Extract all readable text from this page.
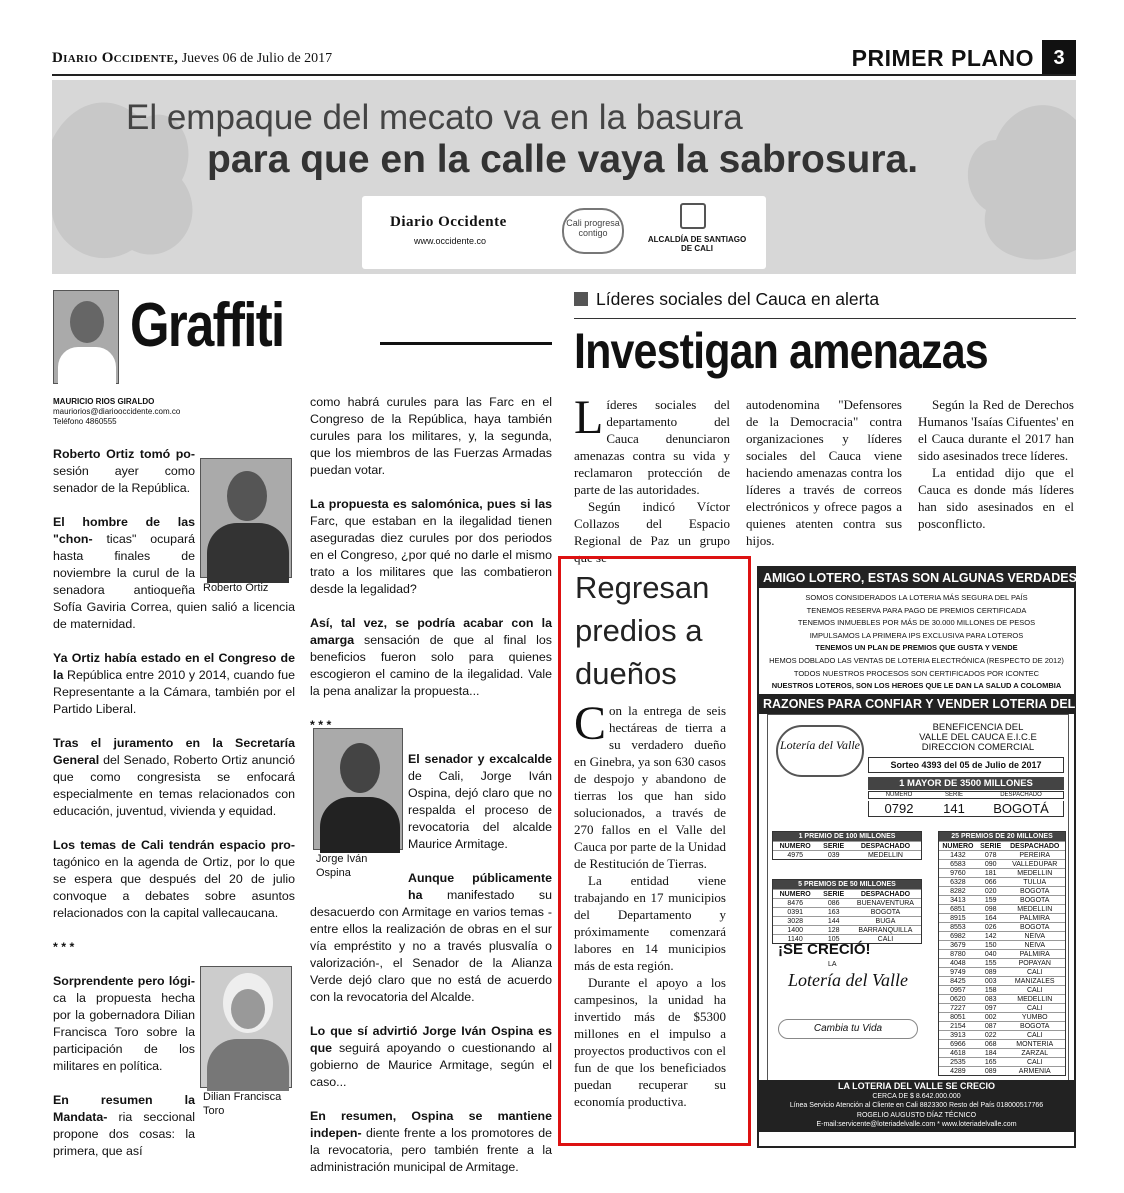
Diario Occidente, Jueves 06 de Julio de 2017	PRIMER PLANO 3
El empaque del mecato va en la basura
para que en la calle vaya la sabrosura.
Diario Occidente
www.occidente.co
Cali progresa contigo
ALCALDÍA DE SANTIAGO DE CALI
Graffiti
MAURICIO RIOS GIRALDO
mauriorios@diariooccidente.com.co
Teléfono 4860555
Roberto Ortiz
Jorge Iván
Ospina
Dilian Francisca
Toro

Roberto Ortiz tomó po- sesión ayer como senador de la República.

El hombre de las "chon- ticas" ocupará hasta finales de noviembre la curul de la senadora antioqueña Sofía Gaviria Correa, quien salió a licencia de maternidad.

Ya Ortiz había estado en el Congreso de la República entre 2010 y 2014, cuando fue Representante a la Cámara, también por el Partido Liberal.

Tras el juramento en la Secretaría General del Senado, Roberto Ortiz anunció que como congresista se enfocará especialmente en temas relacionados con educación, juventud, vivienda y equidad.

Los temas de Cali tendrán espacio pro- tagónico en la agenda de Ortiz, por lo que se espera que después del 20 de julio convoque a debates sobre asuntos relacionados con la capital vallecaucana.

* * *

Sorprendente pero lógi- ca la propuesta hecha por la gobernadora Dilian Francisca Toro sobre la participación de los militares en política.

En resumen la Mandata- ria seccional propone dos cosas: la primera, que así

como habrá curules para las Farc en el Congreso de la República, haya también curules para los militares, y, la segunda, que los miembros de las Fuerzas Armadas puedan votar.

La propuesta es salomónica, pues si las Farc, que estaban en la ilegalidad tienen aseguradas diez curules por dos periodos en el Congreso, ¿por qué no darle el mismo trato a los militares que las combatieron desde la legalidad?

Así, tal vez, se podría acabar con la amarga sensación de que al final los beneficios fueron solo para quienes escogieron el camino de la ilegalidad. Vale la pena analizar la propuesta...

* * *

El senador y excalcalde de Cali, Jorge Iván Ospina, dejó claro que no respalda el proceso de revocatoria del alcalde Maurice Armitage.

Aunque públicamente ha manifestado su desacuerdo con Armitage en varios temas -entre ellos la realización de obras en el sur vía empréstito y no a través plusvalía o valorización-, el Senador de la Alianza Verde dejó claro que no está de acuerdo con la revocatoria del Alcalde.

Lo que sí advirtió Jorge Iván Ospina es que seguirá apoyando o cuestionando al gobierno de Maurice Armitage, según el caso...

En resumen, Ospina se mantiene indepen- diente frente a los promotores de la revocatoria, pero también frente a la administración municipal de Armitage.

Líderes sociales del Cauca en alerta
Investigan amenazas
L íderes sociales del departamento del Cauca denunciaron amenazas contra su vida y reclamaron protección de parte de las autoridades.

Según indicó Víctor Collazos del Espacio Regional de Paz un grupo que se

autodenomina "Defensores de la Democracia" contra organizaciones y líderes sociales del Cauca viene haciendo amenazas contra los líderes a través de correos electrónicos y ofrece pagos a quienes atenten contra sus hijos.

Según la Red de Derechos Humanos 'Isaías Cifuentes' en el Cauca durante el 2017 han sido asesinados trece líderes.

La entidad dijo que el Cauca es donde más líderes han sido asesinados en el posconflicto.

Regresan predios a dueños
C on la entrega de seis hectáreas de tierra a su verdadero dueño en Ginebra, ya son 630 casos de despojo y abandono de tierras los que han sido solucionados, a través de 270 fallos en el Valle del Cauca por parte de la Unidad de Restitución de Tierras.

La entidad viene trabajando en 17 municipios del Departamento y próximamente comenzará labores en 14 municipios más de esta región.

Durante el apoyo a los campesinos, la unidad ha invertido más de $5300 millones en el impulso a proyectos productivos con el fun de que los beneficiados puedan recuperar su economía productiva.

AMIGO LOTERO, ESTAS SON ALGUNAS VERDADES
SOMOS CONSIDERADOS LA LOTERIA MÁS SEGURA DEL PAÍS
TENEMOS RESERVA PARA PAGO DE PREMIOS CERTIFICADA
TENEMOS INMUEBLES POR MÁS DE 30.000 MILLONES DE PESOS
IMPULSAMOS LA PRIMERA IPS EXCLUSIVA PARA LOTEROS
TENEMOS UN PLAN DE PREMIOS QUE GUSTA Y VENDE
HEMOS DOBLADO LAS VENTAS DE LOTERIA ELECTRÓNICA (RESPECTO DE 2012)
TODOS NUESTROS PROCESOS SON CERTIFICADOS POR ICONTEC
NUESTROS LOTEROS, SON LOS HEROES QUE LE DAN LA SALUD A COLOMBIA
RAZONES PARA CONFIAR Y VENDER LOTERIA DEL VALLE
Lotería del Valle
BENEFICENCIA DEL
VALLE DEL CAUCA E.I.C.E
DIRECCION COMERCIAL
Sorteo 4393 del 05 de Julio de 2017
1 MAYOR DE 3500 MILLONES
NUMERO	SERIE	DESPACHADO
0792	141	BOGOTÁ
1 PREMIO DE 100 MILLONES
NUMERO	SERIE	DESPACHADO
4975	039	MEDELLIN
5 PREMIOS DE 50 MILLONES
NUMERO	SERIE	DESPACHADO
8476	086	BUENAVENTURA
0391	163	BOGOTA
3028	144	BUGA
1400	128	BARRANQUILLA
1140	105	CALI
25 PREMIOS DE 20 MILLONES
NUMERO SERIE	DESPACHADO
1432	078	PEREIRA
6583	090	VALLEDUPAR
9760	181	MEDELLIN
6328	066	TULUA
8282	020	BOGOTA
3413	159	BOGOTA
6851	098	MEDELLIN
8915	164	PALMIRA
8553	026	BOGOTA
6982	142	NEIVA
3679	150	NEIVA
8780	040	PALMIRA
4048	155	POPAYAN
9749	089	CALI
8425	003	MANIZALES
0957	158	CALI
0620	083	MEDELLIN
7227	097	CALI
8051	002	YUMBO
2154	087	BOGOTA
3913	022	CALI
6966	068	MONTERIA
4618	184	ZARZAL
2535	165	CALI
4289	089	ARMENIA
¡SE CRECIÓ!
LA
Lotería del Valle
Cambia tu Vida
LA LOTERIA DEL VALLE SE CRECIO
CERCA DE $ 8.642.000.000
Línea Servicio Atención al Cliente en Cali 8823300 Resto del País 018000517766
ROGELIO AUGUSTO DÍAZ TÉCNICO
E-mail:servicente@loteriadelvalle.com * www.loteriadelvalle.com
